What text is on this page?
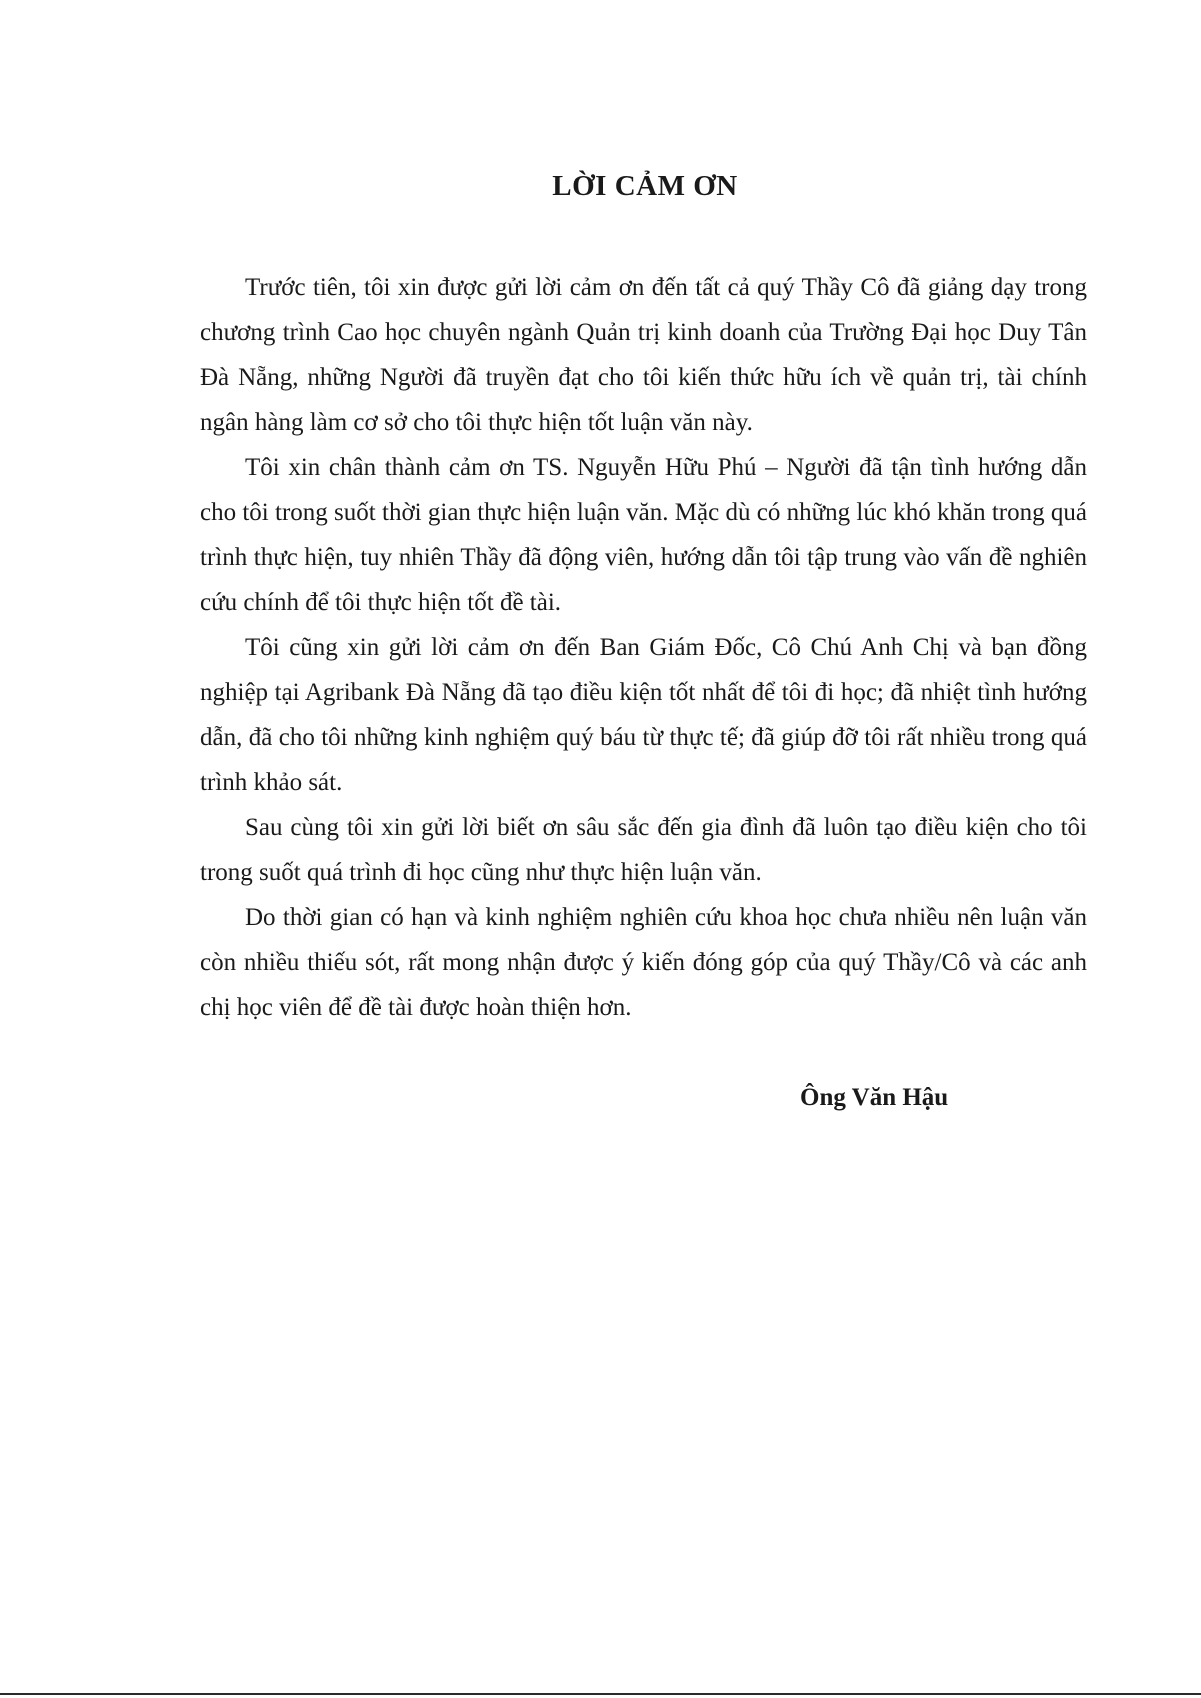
LỜI CẢM ƠN

Trước tiên, tôi xin được gửi lời cảm ơn đến tất cả quý Thầy Cô đã giảng dạy trong chương trình Cao học chuyên ngành Quản trị kinh doanh của Trường Đại học Duy Tân Đà Nẵng, những Người đã truyền đạt cho tôi kiến thức hữu ích về quản trị, tài chính ngân hàng làm cơ sở cho tôi thực hiện tốt luận văn này.

Tôi xin chân thành cảm ơn TS. Nguyễn Hữu Phú – Người đã tận tình hướng dẫn cho tôi trong suốt thời gian thực hiện luận văn. Mặc dù có những lúc khó khăn trong quá trình thực hiện, tuy nhiên Thầy đã động viên, hướng dẫn tôi tập trung vào vấn đề nghiên cứu chính để tôi thực hiện tốt đề tài.

Tôi cũng xin gửi lời cảm ơn đến Ban Giám Đốc, Cô Chú Anh Chị và bạn đồng nghiệp tại Agribank Đà Nẵng đã tạo điều kiện tốt nhất để tôi đi học; đã nhiệt tình hướng dẫn, đã cho tôi những kinh nghiệm quý báu từ thực tế; đã giúp đỡ tôi rất nhiều trong quá trình khảo sát.

Sau cùng tôi xin gửi lời biết ơn sâu sắc đến gia đình đã luôn tạo điều kiện cho tôi trong suốt quá trình đi học cũng như thực hiện luận văn.

Do thời gian có hạn và kinh nghiệm nghiên cứu khoa học chưa nhiều nên luận văn còn nhiều thiếu sót, rất mong nhận được ý kiến đóng góp của quý Thầy/Cô và các anh chị học viên để đề tài được hoàn thiện hơn.

Ông Văn Hậu
